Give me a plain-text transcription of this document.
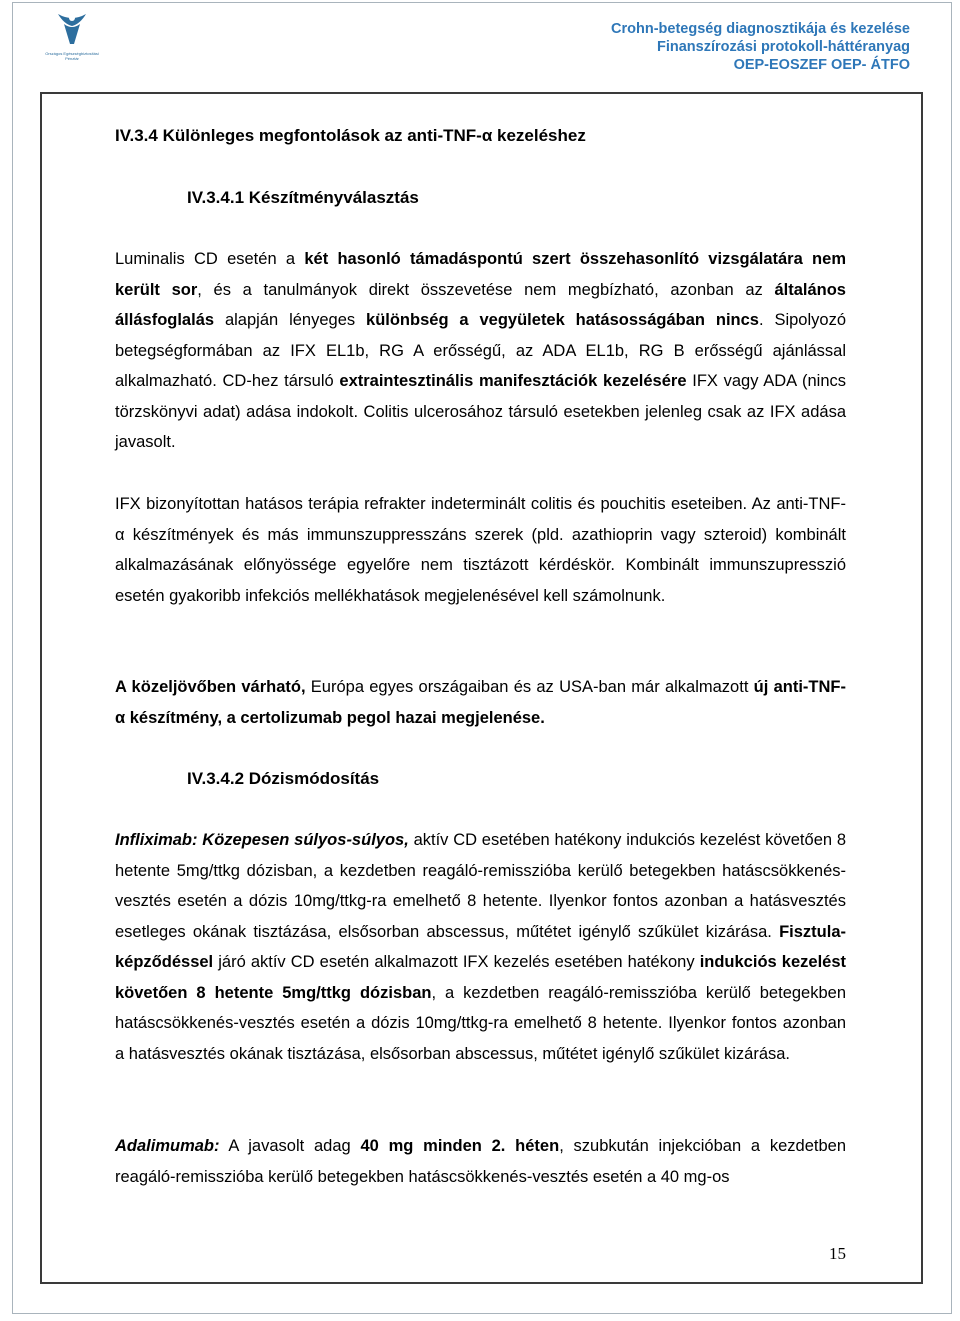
Országos Egészségbiztosítási Pénztár
Crohn-betegség diagnosztikája és kezelése
Finanszírozási protokoll-háttéranyag
OEP-EOSZEF OEP- ÁTFO
IV.3.4 Különleges megfontolások az anti-TNF-α kezeléshez
IV.3.4.1 Készítményválasztás

Luminalis CD esetén a két hasonló támadáspontú szert összehasonlító vizsgálatára nem került sor, és a tanulmányok direkt összevetése nem megbízható, azonban az általános állásfoglalás alapján lényeges különbség a vegyületek hatásosságában nincs. Sipolyozó betegségformában az IFX EL1b, RG A erősségű, az ADA EL1b, RG B erősségű ajánlással alkalmazható. CD-hez társuló extraintesztinális manifesztációk kezelésére IFX vagy ADA (nincs törzskönyvi adat) adása indokolt. Colitis ulcerosához társuló esetekben jelenleg csak az IFX adása javasolt.

IFX bizonyítottan hatásos terápia refrakter indeterminált colitis és pouchitis eseteiben. Az anti-TNF-α készítmények és más immunszuppresszáns szerek (pld. azathioprin vagy szteroid) kombinált alkalmazásának előnyössége egyelőre nem tisztázott kérdéskör. Kombinált immunszupresszió esetén gyakoribb infekciós mellékhatások megjelenésével kell számolnunk.

A közeljövőben várható, Európa egyes országaiban és az USA-ban már alkalmazott új anti-TNF-α készítmény, a certolizumab pegol hazai megjelenése.

IV.3.4.2 Dózismódosítás

Infliximab: Közepesen súlyos-súlyos, aktív CD esetében hatékony indukciós kezelést követően 8 hetente 5mg/ttkg dózisban, a kezdetben reagáló-remisszióba kerülő betegekben hatáscsökkenés-vesztés esetén a dózis 10mg/ttkg-ra emelhető 8 hetente. Ilyenkor fontos azonban a hatásvesztés esetleges okának tisztázása, elsősorban abscessus, műtétet igénylő szűkület kizárása. Fisztula-képződéssel járó aktív CD esetén alkalmazott IFX kezelés esetében hatékony indukciós kezelést követően 8 hetente 5mg/ttkg dózisban, a kezdetben reagáló-remisszióba kerülő betegekben hatáscsökkenés-vesztés esetén a dózis 10mg/ttkg-ra emelhető 8 hetente. Ilyenkor fontos azonban a hatásvesztés okának tisztázása, elsősorban abscessus, műtétet igénylő szűkület kizárása.

Adalimumab: A javasolt adag 40 mg minden 2. héten, szubkután injekcióban a kezdetben reagáló-remisszióba kerülő betegekben hatáscsökkenés-vesztés esetén a 40 mg-os

15
